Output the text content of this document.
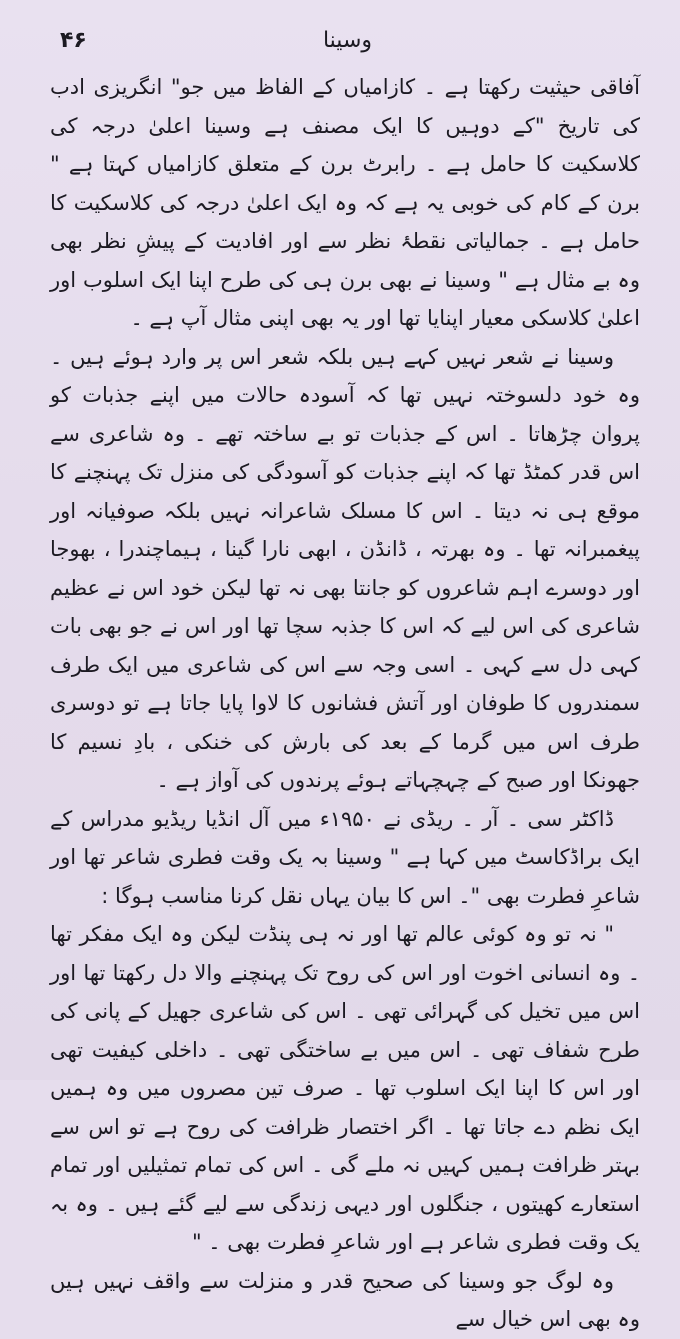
۴۶	وسینا

آفاقی حیثیت رکھتا ہے ۔ کازامیاں کے الفاظ میں جو" انگریزی ادب کی تاریخ "کے دوہیں کا ایک مصنف ہے وسینا اعلیٰ درجہ کی کلاسکیت کا حامل ہے ۔ رابرٹ برن کے متعلق کازامیاں کہتا ہے " برن کے کام کی خوبی یہ ہے کہ وہ ایک اعلیٰ درجہ کی کلاسکیت کا حامل ہے ۔ جمالیاتی نقطۂ نظر سے اور افادیت کے پیشِ نظر بھی وہ بے مثال ہے " وسینا نے بھی برن ہی کی طرح اپنا ایک اسلوب اور اعلیٰ کلاسکی معیار اپنایا تھا اور یہ بھی اپنی مثال آپ ہے ۔

وسینا نے شعر نہیں کہے ہیں بلکہ شعر اس پر وارد ہوئے ہیں ۔ وہ خود دلسوختہ نہیں تھا کہ آسودہ حالات میں اپنے جذبات کو پروان چڑھاتا ۔ اس کے جذبات تو بے ساختہ تھے ۔ وہ شاعری سے اس قدر کمٹڈ تھا کہ اپنے جذبات کو آسودگی کی منزل تک پہنچنے کا موقع ہی نہ دیتا ۔ اس کا مسلک شاعرانہ نہیں بلکہ صوفیانہ اور پیغمبرانہ تھا ۔ وہ بھرتہ ، ڈانڈن ، ابھی نارا گینا ، ہیماچندرا ، بھوجا اور دوسرے اہم شاعروں کو جانتا بھی نہ تھا لیکن خود اس نے عظیم شاعری کی اس لیے کہ اس کا جذبہ سچا تھا اور اس نے جو بھی بات کہی دل سے کہی ۔ اسی وجہ سے اس کی شاعری میں ایک طرف سمندروں کا طوفان اور آتش فشانوں کا لاوا پایا جاتا ہے تو دوسری طرف اس میں گرما کے بعد کی بارش کی خنکی ، بادِ نسیم کا جھونکا اور صبح کے چہچہاتے ہوئے پرندوں کی آواز ہے ۔

ڈاکٹر سی ۔ آر ۔ ریڈی نے ۱۹۵۰ء میں آل انڈیا ریڈیو مدراس کے ایک براڈکاسٹ میں کہا ہے " وسینا بہ یک وقت فطری شاعر تھا اور شاعرِ فطرت بھی "۔ اس کا بیان یہاں نقل کرنا مناسب ہوگا :

" نہ تو وہ کوئی عالم تھا اور نہ ہی پنڈت لیکن وہ ایک مفکر تھا ۔ وہ انسانی اخوت اور اس کی روح تک پہنچنے والا دل رکھتا تھا اور اس میں تخیل کی گہرائی تھی ۔ اس کی شاعری جھیل کے پانی کی طرح شفاف تھی ۔ اس میں بے ساختگی تھی ۔ داخلی کیفیت تھی اور اس کا اپنا ایک اسلوب تھا ۔ صرف تین مصروں میں وہ ہمیں ایک نظم دے جاتا تھا ۔ اگر اختصار ظرافت کی روح ہے تو اس سے بہتر ظرافت ہمیں کہیں نہ ملے گی ۔ اس کی تمام تمثیلیں اور تمام استعارے کھیتوں ، جنگلوں اور دیہی زندگی سے لیے گئے ہیں ۔ وہ بہ یک وقت فطری شاعر ہے اور شاعرِ فطرت بھی ۔ "

وہ لوگ جو وسینا کی صحیح قدر و منزلت سے واقف نہیں ہیں وہ بھی اس خیال سے
